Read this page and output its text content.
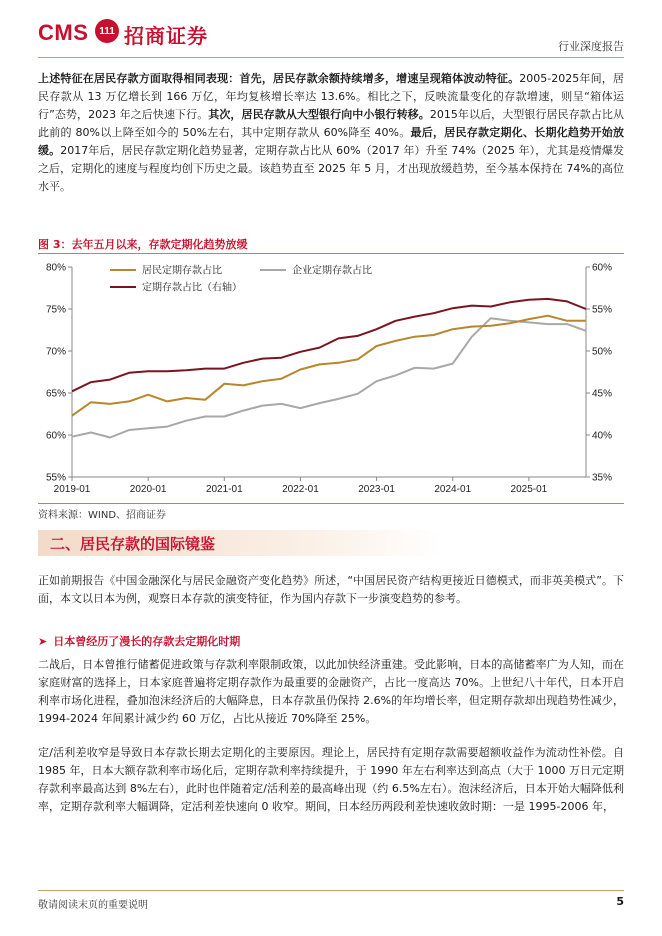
CMS	111 招商证券	行业深度报告
上述特征在居民存款方面取得相同表现：首先，居民存款余额持续增多，增速呈现箱体波动特征。2005-2025年间，居民存款从 13 万亿增长到 166 万亿，年均复核增长率达 13.6%。相比之下，反映流量变化的存款增速，则呈“箱体运行”态势，2023 年之后快速下行。其次，居民存款从大型银行向中小银行转移。2015年以后，大型银行居民存款占比从此前的 80%以上降至如今的 50%左右，其中定期存款从 60%降至 40%。最后，居民存款定期化、长期化趋势开始放缓。2017年后，居民存款定期化趋势显著，定期存款占比从 60%（2017 年）升至 74%（2025 年），尤其是疫情爆发之后，定期化的速度与程度均创下历史之最。该趋势直至 2025 年 5 月，才出现放缓趋势，至今基本保持在 74%的高位水平。
图 3：去年五月以来，存款定期化趋势放缓
55%
60%
65%
70%
75%
80%
35%
40%
45%
50%
55%
60%
2019-01	2020-01	2021-01	2022-01	2023-01	2024-01	2025-01
居民定期存款占比	企业定期存款占比
定期存款占比（右轴）
资料来源：WIND、招商证券
二、居民存款的国际镜鉴
正如前期报告《中国金融深化与居民金融资产变化趋势》所述，“中国居民资产结构更接近日德模式，而非英美模式”。下面，本文以日本为例，观察日本存款的演变特征，作为国内存款下一步演变趋势的参考。
➤ 日本曾经历了漫长的存款去定期化时期
二战后，日本曾推行储蓄促进政策与存款利率限制政策，以此加快经济重建。受此影响，日本的高储蓄率广为人知，而在家庭财富的选择上，日本家庭普遍将定期存款作为最重要的金融资产，占比一度高达 70%。上世纪八十年代，日本开启利率市场化进程，叠加泡沫经济后的大幅降息，日本存款虽仍保持 2.6%的年均增长率，但定期存款却出现趋势性减少，1994-2024 年间累计减少约 60 万亿，占比从接近 70%降至 25%。
定/活利差收窄是导致日本存款长期去定期化的主要原因。理论上，居民持有定期存款需要超额收益作为流动性补偿。自 1985 年，日本大额存款利率市场化后，定期存款利率持续提升，于 1990 年左右利率达到高点（大于 1000 万日元定期存款利率最高达到 8%左右），此时也伴随着定/活利差的最高峰出现（约 6.5%左右）。泡沫经济后，日本开始大幅降低利率，定期存款利率大幅调降，定活利差快速向 0 收窄。期间，日本经历两段利差快速收敛时期：一是 1995-2006 年，
敬请阅读末页的重要说明	5
